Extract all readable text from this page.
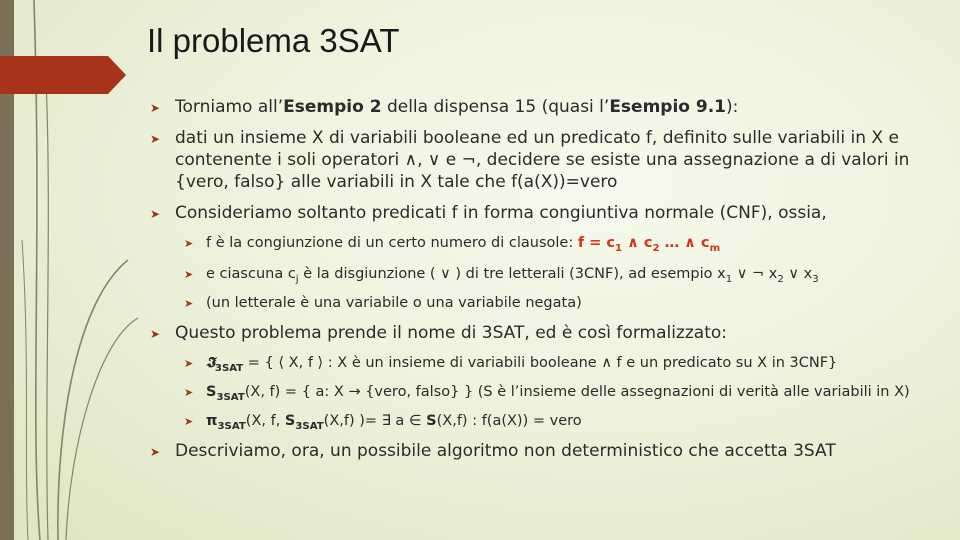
Il problema 3SAT
➤ Torniamo all’Esempio 2 della dispensa 15 (quasi l’Esempio 9.1):
➤ dati un insieme X di variabili booleane ed un predicato f, definito sulle variabili in X e
contenente i soli operatori ∧, ∨ e ¬, decidere se esiste una assegnazione a di valori in
{vero, falso} alle variabili in X tale che f(a(X))=vero
➤ Consideriamo soltanto predicati f in forma congiuntiva normale (CNF), ossia,
➤ f è la congiunzione di un certo numero di clausole: $f = c_1$ ∧ $c_2$ … ∧ $c_m$
➤ e ciascuna $c_j$ è la disgiunzione ( ∨ ) di tre letterali (3CNF), ad esempio $x_1$ ∨ ¬ $x_2$ ∨ $x_3$
➤ (un letterale è una variabile o una variabile negata)
➤ Questo problema prende il nome di 3SAT, ed è così formalizzato:
➤ 𝕴$_{3SAT}$ = { ⟨ X, f ⟩ : X è un insieme di variabili booleane ∧ f e un predicato su X in 3CNF}
➤ $S_{3SAT}(X$, f) = { a: X → {vero, falso} } (S è l’insieme delle assegnazioni di verità alle variabili in X)
➤ $\pi_{3SAT}(X$, f, $S_{3SAT}(X,f)$ )= ∃ a ∈ S(X,f) : f(a(X)) = vero
➤ Descriviamo, ora, un possibile algoritmo non deterministico che accetta 3SAT
